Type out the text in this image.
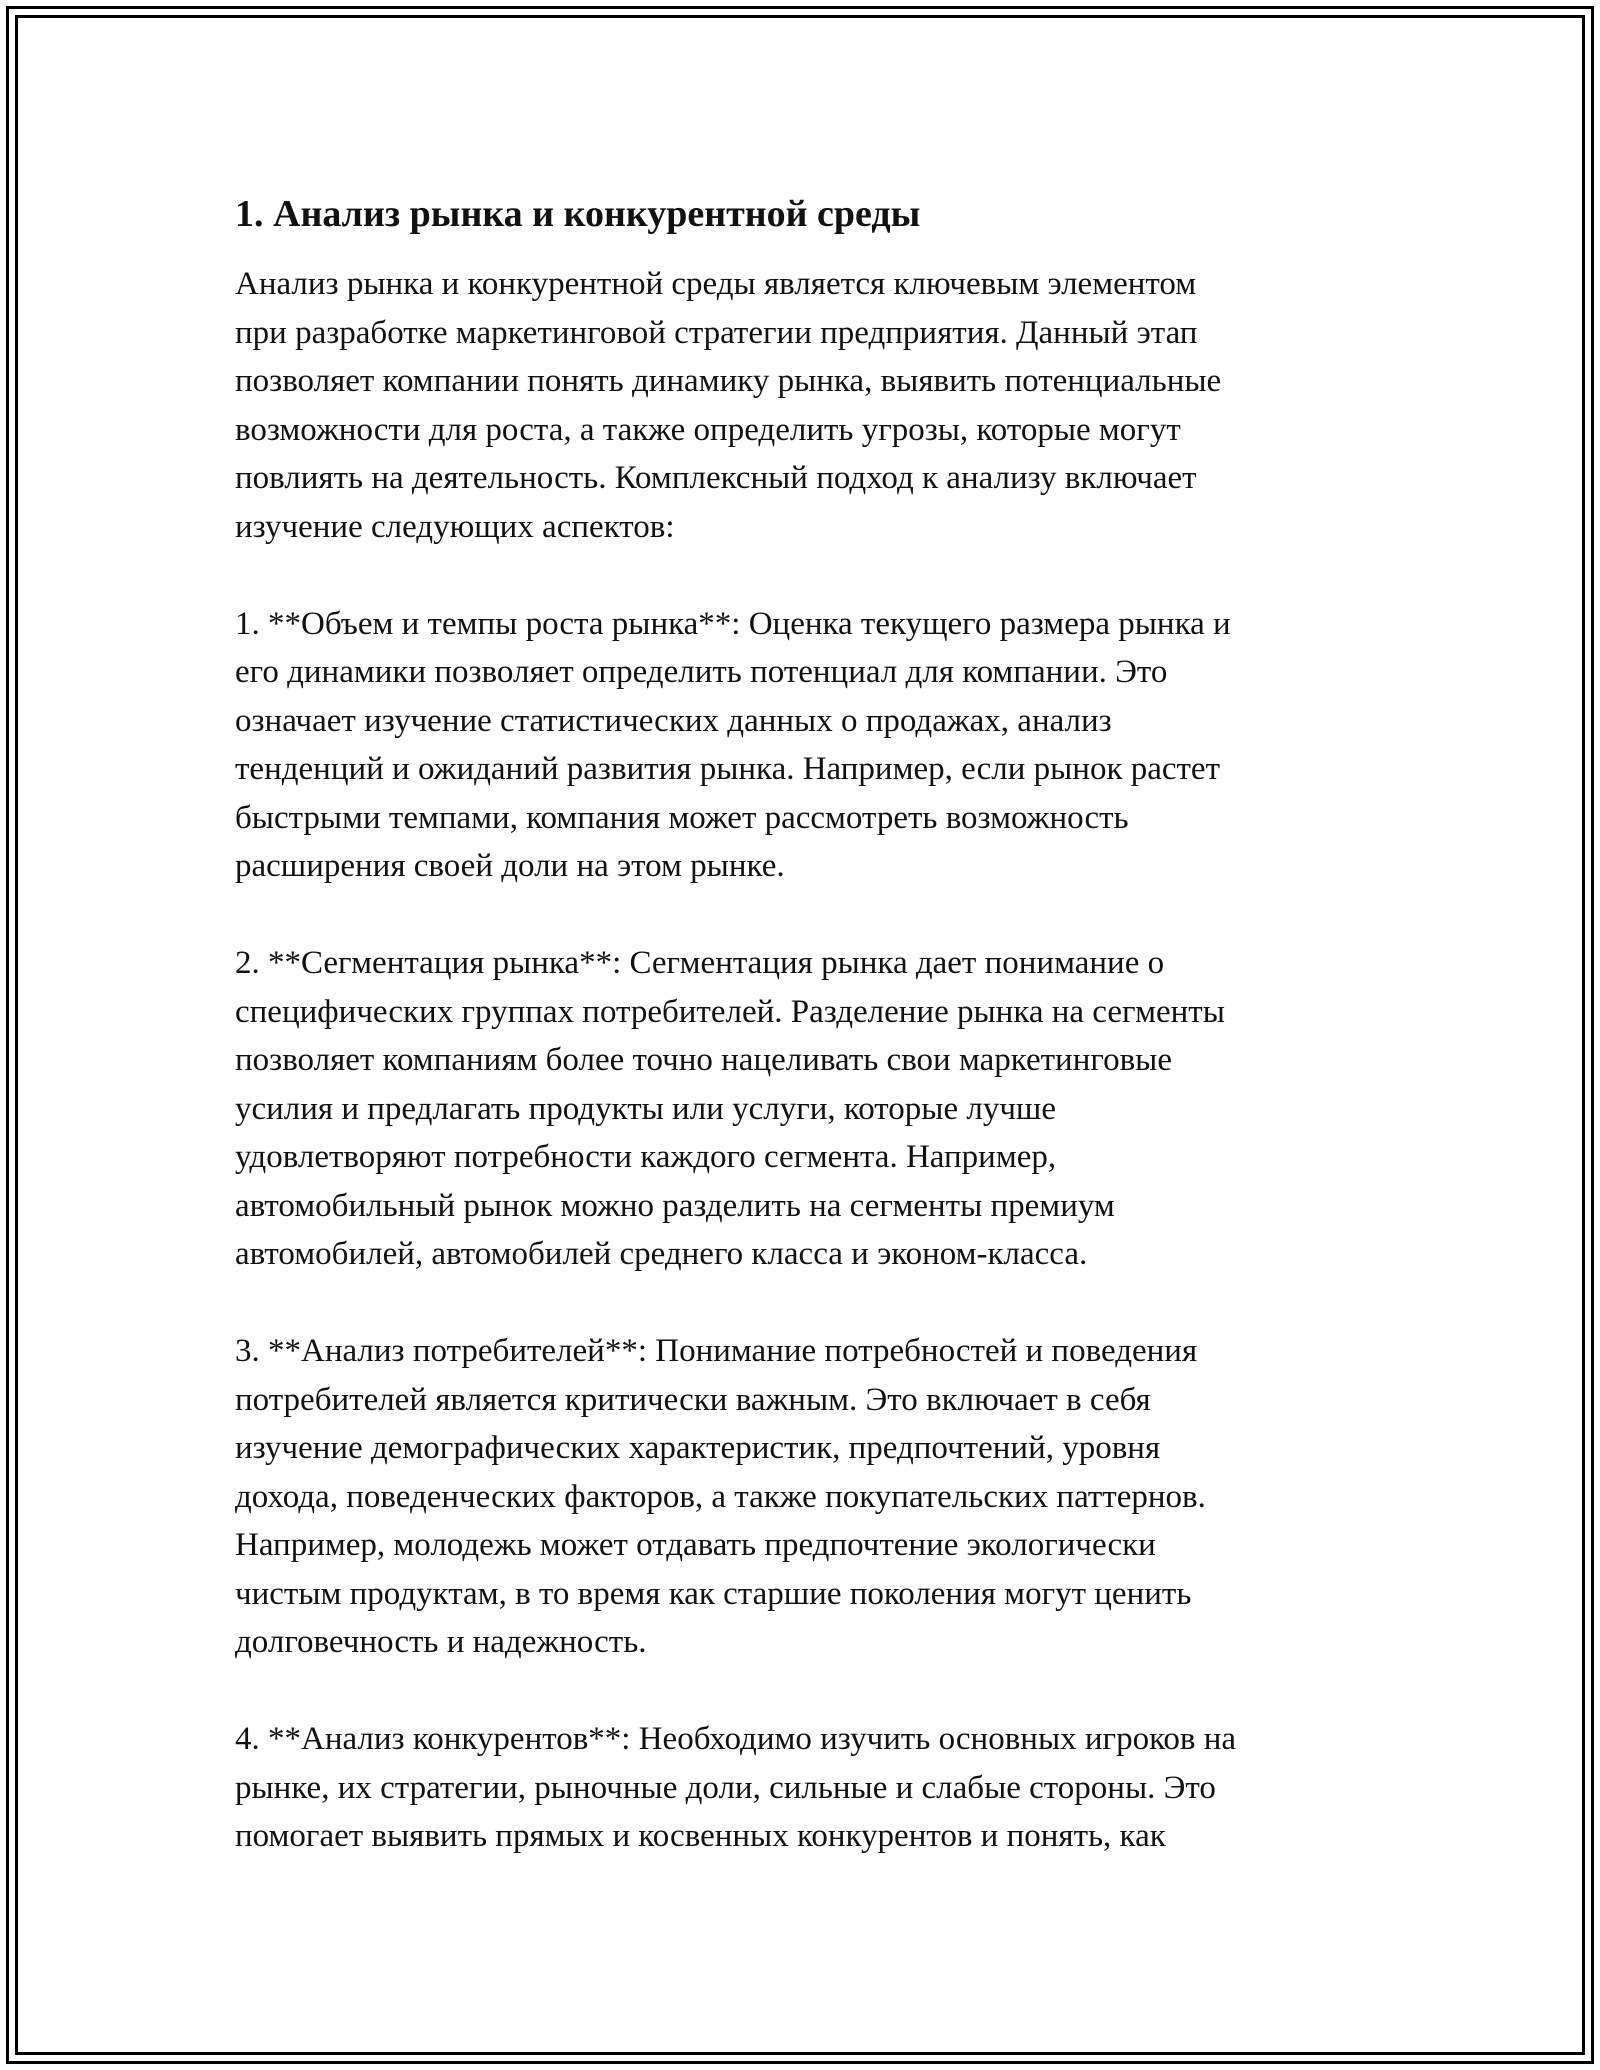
1. Анализ рынка и конкурентной среды
Анализ рынка и конкурентной среды является ключевым элементом
при разработке маркетинговой стратегии предприятия. Данный этап
позволяет компании понять динамику рынка, выявить потенциальные
возможности для роста, а также определить угрозы, которые могут
повлиять на деятельность. Комплексный подход к анализу включает
изучение следующих аспектов:
1. **Объем и темпы роста рынка**: Оценка текущего размера рынка и
его динамики позволяет определить потенциал для компании. Это
означает изучение статистических данных о продажах, анализ
тенденций и ожиданий развития рынка. Например, если рынок растет
быстрыми темпами, компания может рассмотреть возможность
расширения своей доли на этом рынке.
2. **Сегментация рынка**: Сегментация рынка дает понимание о
специфических группах потребителей. Разделение рынка на сегменты
позволяет компаниям более точно нацеливать свои маркетинговые
усилия и предлагать продукты или услуги, которые лучше
удовлетворяют потребности каждого сегмента. Например,
автомобильный рынок можно разделить на сегменты премиум
автомобилей, автомобилей среднего класса и эконом-класса.
3. **Анализ потребителей**: Понимание потребностей и поведения
потребителей является критически важным. Это включает в себя
изучение демографических характеристик, предпочтений, уровня
дохода, поведенческих факторов, а также покупательских паттернов.
Например, молодежь может отдавать предпочтение экологически
чистым продуктам, в то время как старшие поколения могут ценить
долговечность и надежность.
4. **Анализ конкурентов**: Необходимо изучить основных игроков на
рынке, их стратегии, рыночные доли, сильные и слабые стороны. Это
помогает выявить прямых и косвенных конкурентов и понять, как
